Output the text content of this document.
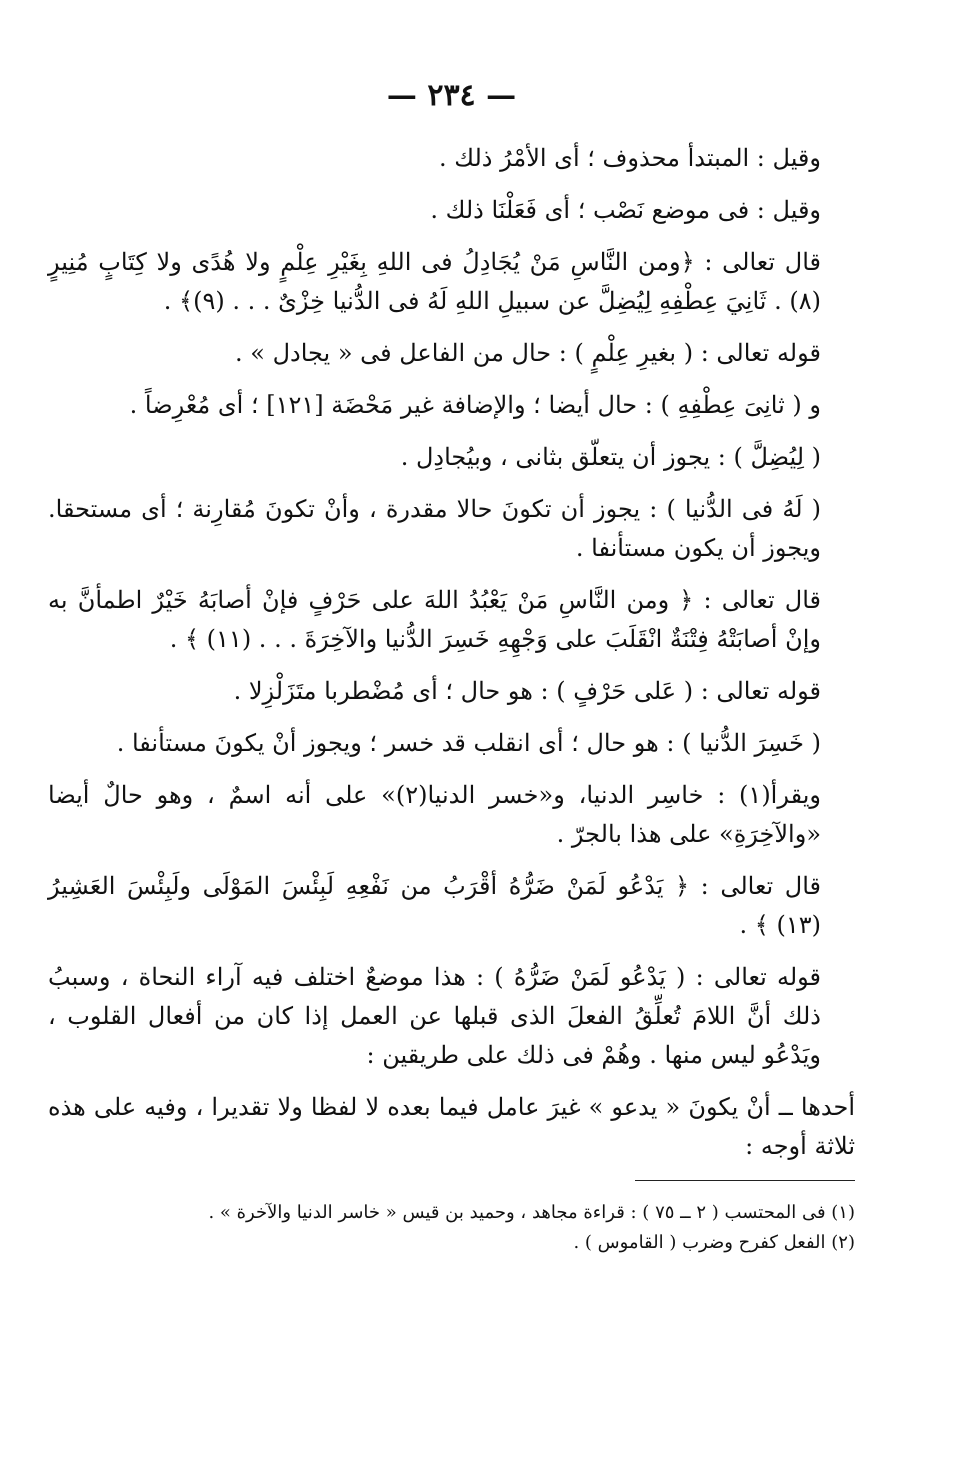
— ٢٣٤ —

وقيل : المبتدأ محذوف ؛ أى الأمْرُ ذلك .

وقيل : فى موضع نَصْب ؛ أى فَعَلْنَا ذلك .

قال تعالى : ﴿ومن النَّاسِ مَنْ يُجَادِلُ فى اللهِ بِغَيْرِ عِلْمٍ ولا هُدًى ولا كِتَابٍ مُنِيرٍ (٨) . ثَانِيَ عِطْفِهِ لِيُضِلَّ عن سبيلِ اللهِ لَهُ فى الدُّنيا خِزْىٌ . . . (٩)﴾ .

قوله تعالى : ( بغيرِ عِلْمٍ ) : حال من الفاعل فى « يجادل » .

و ( ثانِىَ عِطْفِهِ ) : حال أيضا ؛ والإضافة غير مَحْضَة [١٢١] ؛ أى مُعْرِضاً .

( لِيُضِلَّ ) : يجوز أن يتعلّق بثانى ، وبيُجادِل .

( لَهُ فى الدُّنيا ) : يجوز أن تكونَ حالا مقدرة ، وأنْ تكونَ مُقارِنة ؛ أى مستحقا. ويجوز أن يكون مستأنفا .

قال تعالى : ﴿ ومن النَّاسِ مَنْ يَعْبُدُ اللهَ على حَرْفٍ فإنْ أصابَهُ خَيْرٌ اطمأنَّ به وإنْ أصابَتْهُ فِتْنَةٌ انْقَلَبَ على وَجْهِهِ خَسِرَ الدُّنيا والآخِرَةَ . . . (١١) ﴾ .

قوله تعالى : ( عَلى حَرْفٍ ) : هو حال ؛ أى مُضْطربا متَزَلْزِلا .

( خَسِرَ الدُّنيا ) : هو حال ؛ أى انقلب قد خسر ؛ ويجوز أنْ يكونَ مستأنفا .

ويقرأ(١) : خاسِر الدنيا، و«خسر الدنيا(٢)» على أنه اسمٌ ، وهو حالٌ أيضا «والآخِرَةِ» على هذا بالجرّ .

قال تعالى : ﴿ يَدْعُو لَمَنْ ضَرُّهُ أقْرَبُ من نَفْعِهِ لَبِئْسَ المَوْلَى ولَبِئْسَ العَشِيرُ (١٣) ﴾ .

قوله تعالى : ( يَدْعُو لَمَنْ ضَرُّهُ ) : هذا موضعٌ اختلف فيه آراء النحاة ، وسببُ ذلك أنَّ اللامَ تُعلِّقُ الفعلَ الذى قبلها عن العمل إذا كان من أفعال القلوب ، ويَدْعُو ليس منها . وهُمْ فى ذلك على طريقين :

أحدها ــ أنْ يكونَ « يدعو » غيرَ عامل فيما بعده لا لفظا ولا تقديرا ، وفيه على هذه ثلاثة أوجه :

(١) فى المحتسب ( ٢ ــ ٧٥ ) : قراءة مجاهد ، وحميد بن قيس « خاسر الدنيا والآخرة » .

(٢) الفعل كفرح وضرب ( القاموس ) .
